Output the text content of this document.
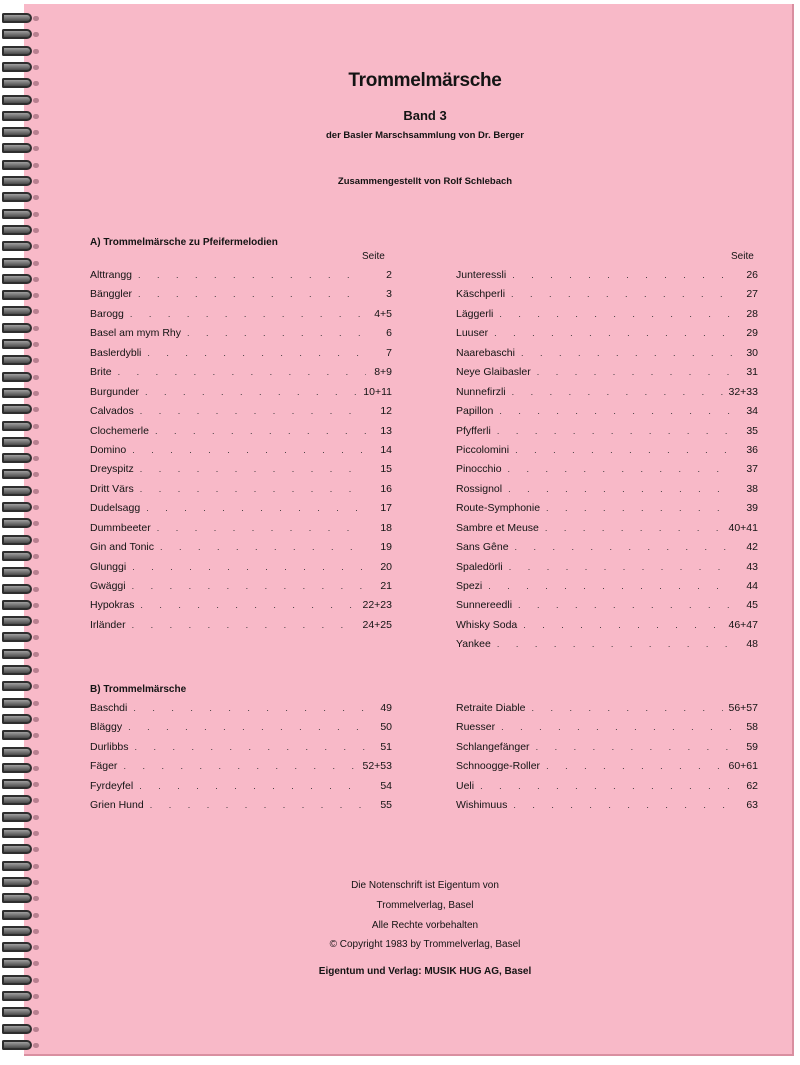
Trommelmärsche
Band 3
der Basler Marschsammlung von Dr. Berger
Zusammengestellt von Rolf Schlebach
A) Trommelmärsche zu Pfeifermelodien
Seite	Seite
Alttrangg . . .	2
Bänggler . . .	3
Barogg . . .	4+5
Basel am mym Rhy . . .	6
Baslerdybli . . .	7
Brite . . .	8+9
Burgunder . . .	10+11
Calvados . . .	12
Clochemerle . . .	13
Domino . . .	14
Dreyspitz . . .	15
Dritt Värs . . .	16
Dudelsagg . . .	17
Dummbeeter . . .	18
Gin and Tonic . . .	19
Glunggi . . .	20
Gwäggi . . .	21
Hypokras . . .	22+23
Irländer . . .	24+25
Junteressli . . .	26
Käschperli . . .	27
Läggerli . . .	28
Luuser . . .	29
Naarebaschi . . .	30
Neye Glaibasler . . .	31
Nunnefirzli . . .	32+33
Papillon . . .	34
Pfyfferli . . .	35
Piccolomini . . .	36
Pinocchio . . .	37
Rossignol . . .	38
Route-Symphonie . . .	39
Sambre et Meuse . . .	40+41
Sans Gêne . . .	42
Spaledörli . . .	43
Spezi . . .	44
Sunnereedli . . .	45
Whisky Soda . . .	46+47
Yankee . . .	48
B) Trommelmärsche
Baschdi . . .	49
Bläggy . . .	50
Durlibbs . . .	51
Fäger . . .	52+53
Fyrdeyfel . . .	54
Grien Hund . . .	55
Retraite Diable . . .	56+57
Ruesser . . .	58
Schlangefänger . . .	59
Schnoogge-Roller . . .	60+61
Ueli . . .	62
Wishimuus . . .	63
Die Notenschrift ist Eigentum von
Trommelverlag, Basel
Alle Rechte vorbehalten
© Copyright 1983 by Trommelverlag, Basel
Eigentum und Verlag: MUSIK HUG AG, Basel
